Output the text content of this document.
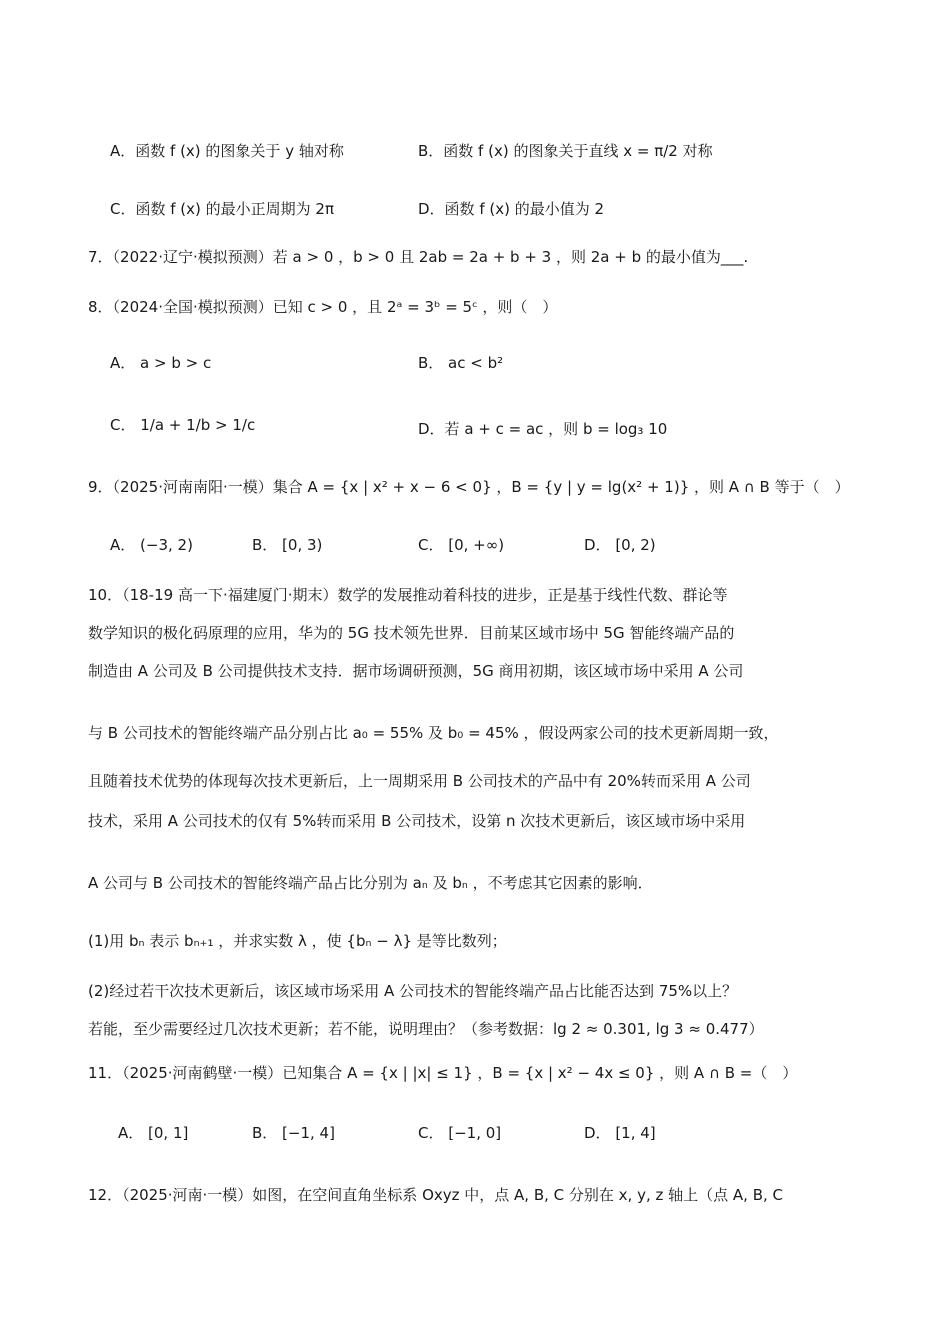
A．函数 f (x) 的图象关于 y 轴对称	B．函数 f (x) 的图象关于直线 x = π/2 对称
C．函数 f (x) 的最小正周期为 2π	D．函数 f (x) 的最小值为 2
7．（2022·辽宁·模拟预测）若 a > 0 ，b > 0 且 2ab = 2a + b + 3 ，则 2a + b 的最小值为___.
8．（2024·全国·模拟预测）已知 c > 0 ，且 2ᵃ = 3ᵇ = 5ᶜ ，则（　）
A． a > b > c	B． ac < b²
C． 1/a + 1/b > 1/c	D．若 a + c = ac ，则 b = log₃ 10
9．（2025·河南南阳·一模）集合 A = {x | x² + x − 6 < 0} ，B = {y | y = lg(x² + 1)} ，则 A ∩ B 等于（　）
A． (−3, 2)	B． [0, 3)	C． [0, +∞)	D． [0, 2)
10．（18-19 高一下·福建厦门·期末）数学的发展推动着科技的进步，正是基于线性代数、群论等
数学知识的极化码原理的应用，华为的 5G 技术领先世界．目前某区域市场中 5G 智能终端产品的
制造由 A 公司及 B 公司提供技术支持．据市场调研预测，5G 商用初期，该区域市场中采用 A 公司
与 B 公司技术的智能终端产品分别占比 a₀ = 55% 及 b₀ = 45% ，假设两家公司的技术更新周期一致，
且随着技术优势的体现每次技术更新后，上一周期采用 B 公司技术的产品中有 20%转而采用 A 公司
技术，采用 A 公司技术的仅有 5%转而采用 B 公司技术，设第 n 次技术更新后，该区域市场中采用
A 公司与 B 公司技术的智能终端产品占比分别为 aₙ 及 bₙ ，不考虑其它因素的影响．
(1)用 bₙ 表示 bₙ₊₁ ，并求实数 λ ，使 {bₙ − λ} 是等比数列；
(2)经过若干次技术更新后，该区域市场采用 A 公司技术的智能终端产品占比能否达到 75%以上？
若能，至少需要经过几次技术更新；若不能，说明理由？（参考数据：lg 2 ≈ 0.301, lg 3 ≈ 0.477）
11．（2025·河南鹤壁·一模）已知集合 A = {x | |x| ≤ 1} ，B = {x | x² − 4x ≤ 0} ，则 A ∩ B =（　）
A． [0, 1]	B． [−1, 4]	C． [−1, 0]	D． [1, 4]
12．（2025·河南·一模）如图，在空间直角坐标系 Oxyz 中，点 A, B, C 分别在 x, y, z 轴上（点 A, B, C
